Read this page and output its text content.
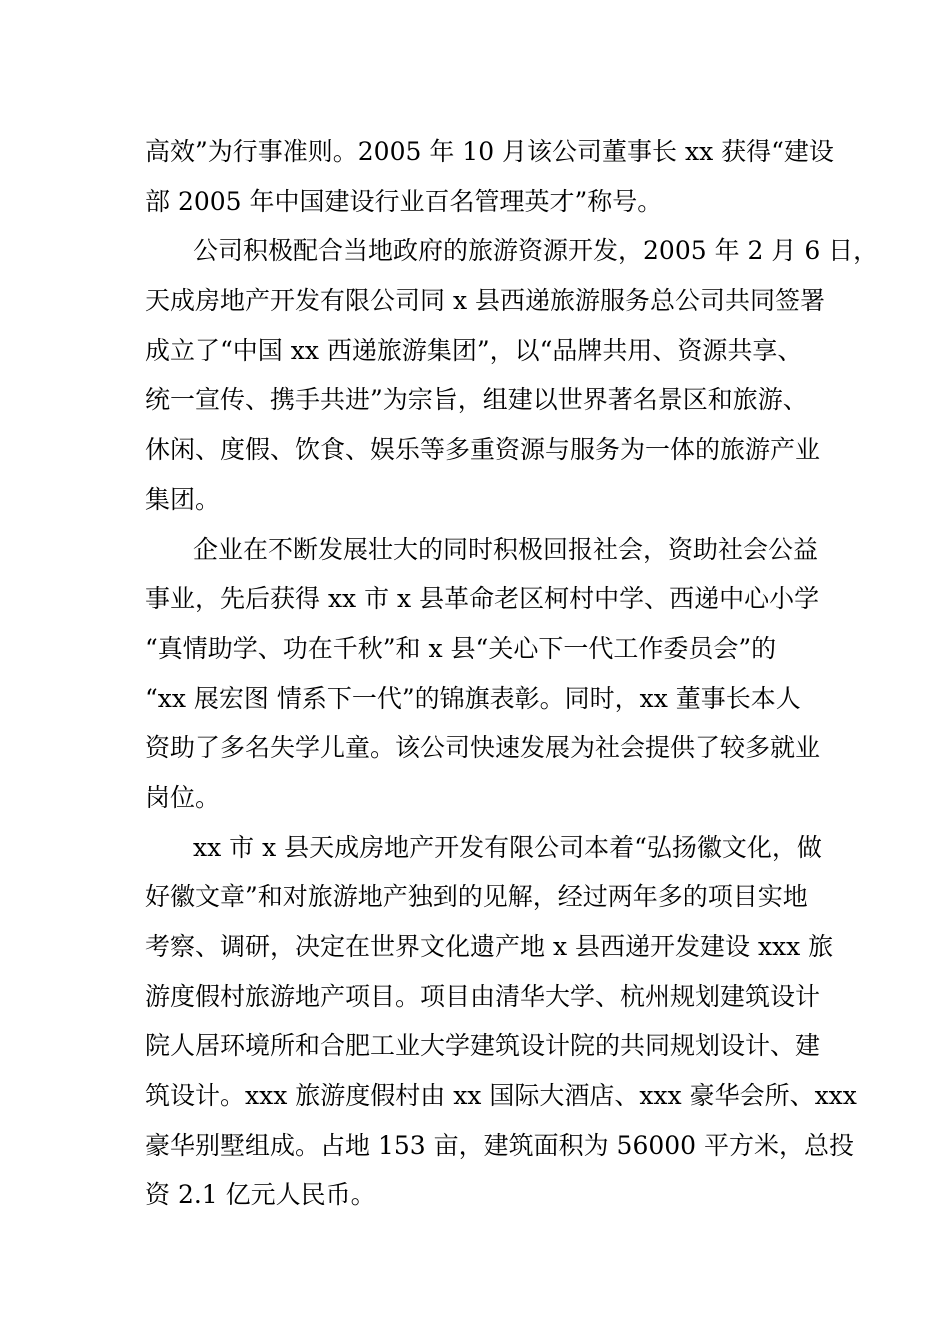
高效”为行事准则。2005 年 10 月该公司董事长 xx 获得“建设
部 2005 年中国建设行业百名管理英才”称号。
公司积极配合当地政府的旅游资源开发，2005 年 2 月 6 日，
天成房地产开发有限公司同 x 县西递旅游服务总公司共同签署
成立了“中国 xx 西递旅游集团”，以“品牌共用、资源共享、
统一宣传、携手共进”为宗旨，组建以世界著名景区和旅游、
休闲、度假、饮食、娱乐等多重资源与服务为一体的旅游产业
集团。
企业在不断发展壮大的同时积极回报社会，资助社会公益
事业，先后获得 xx 市 x 县革命老区柯村中学、西递中心小学
“真情助学、功在千秋”和 x 县“关心下一代工作委员会”的
“xx 展宏图 情系下一代”的锦旗表彰。同时，xx 董事长本人
资助了多名失学儿童。该公司快速发展为社会提供了较多就业
岗位。
xx 市 x 县天成房地产开发有限公司本着“弘扬徽文化，做
好徽文章”和对旅游地产独到的见解，经过两年多的项目实地
考察、调研，决定在世界文化遗产地 x 县西递开发建设 xxx 旅
游度假村旅游地产项目。项目由清华大学、杭州规划建筑设计
院人居环境所和合肥工业大学建筑设计院的共同规划设计、建
筑设计。xxx 旅游度假村由 xx 国际大酒店、xxx 豪华会所、xxx
豪华别墅组成。占地 153 亩，建筑面积为 56000 平方米，总投
资 2.1 亿元人民币。
